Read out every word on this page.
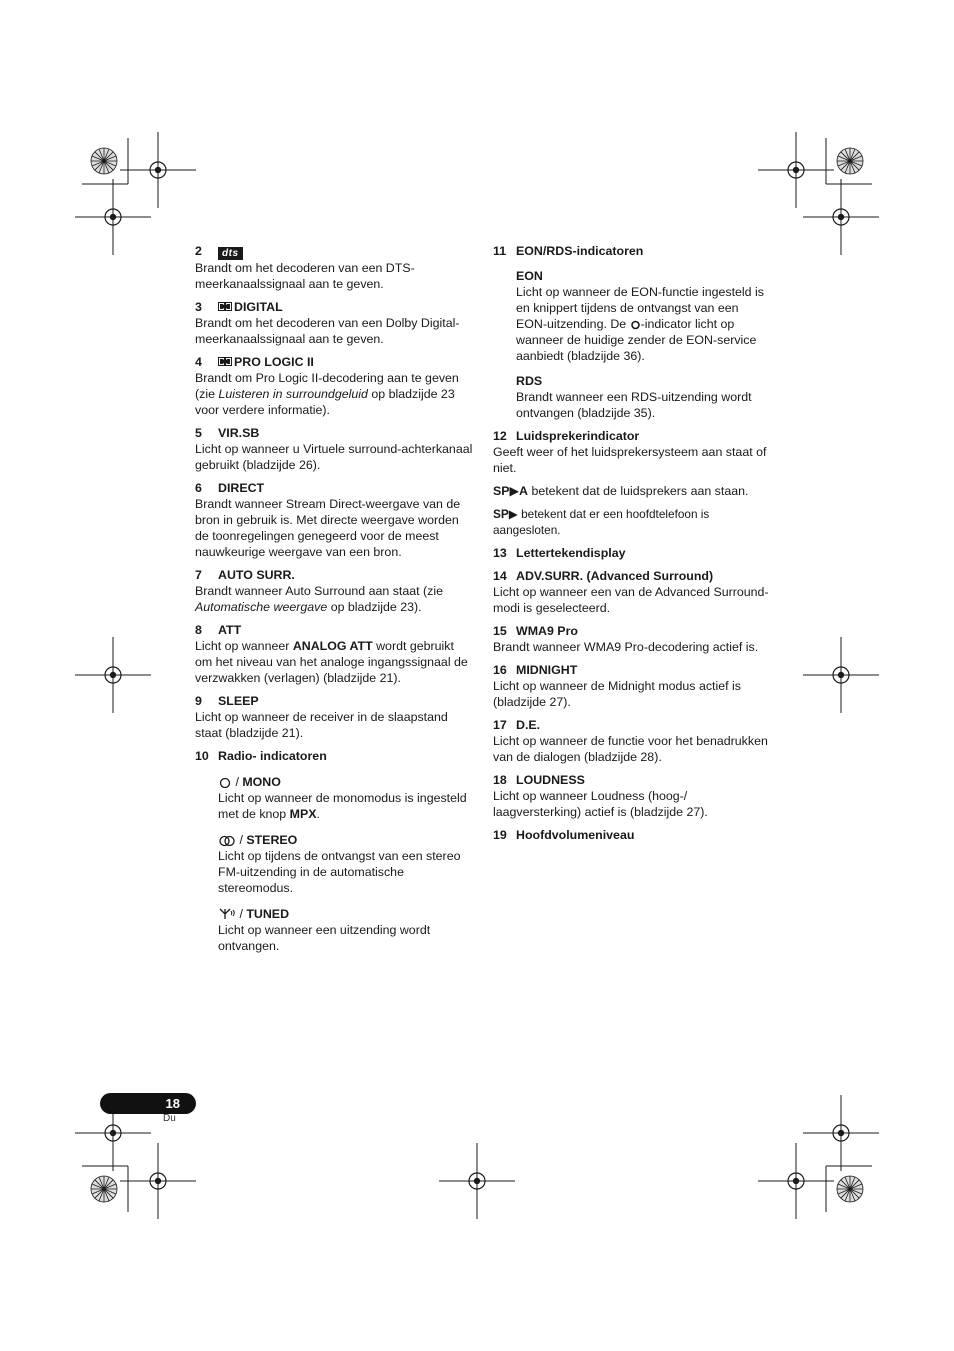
2 dts
Brandt om het decoderen van een DTS-meerkanaalssignaal aan te geven.
3	DIGITAL
Brandt om het decoderen van een Dolby Digital-meerkanaalssignaal aan te geven.
4	PRO LOGIC II
Brandt om Pro Logic II-decodering aan te geven (zie Luisteren in surroundgeluid op bladzijde 23 voor verdere informatie).
5 VIR.SB
Licht op wanneer u Virtuele surround-achterkanaal gebruikt (bladzijde 26).
6 DIRECT
Brandt wanneer Stream Direct-weergave van de bron in gebruik is. Met directe weergave worden de toonregelingen genegeerd voor de meest nauwkeurige weergave van een bron.
7 AUTO SURR.
Brandt wanneer Auto Surround aan staat (zie Automatische weergave op bladzijde 23).
8 ATT
Licht op wanneer ANALOG ATT wordt gebruikt om het niveau van het analoge ingangssignaal de verzwakken (verlagen) (bladzijde 21).
9 SLEEP
Licht op wanneer de receiver in de slaapstand staat (bladzijde 21).
10 Radio- indicatoren
/ MONO
Licht op wanneer de monomodus is ingesteld met de knop MPX.
/ STEREO
Licht op tijdens de ontvangst van een stereo FM-uitzending in de automatische stereomodus.
/ TUNED
Licht op wanneer een uitzending wordt ontvangen.
11 EON/RDS-indicatoren
EON
Licht op wanneer de EON-functie ingesteld is en knippert tijdens de ontvangst van een EON-uitzending. De -indicator licht op wanneer de huidige zender de EON-service aanbiedt (bladzijde 36).
RDS
Brandt wanneer een RDS-uitzending wordt ontvangen (bladzijde 35).
12 Luidsprekerindicator
Geeft weer of het luidsprekersysteem aan staat of niet.
SP▶A betekent dat de luidsprekers aan staan.
SP▶ betekent dat er een hoofdtelefoon is aangesloten.
13 Lettertekendisplay
14 ADV.SURR. (Advanced Surround)
Licht op wanneer een van de Advanced Surround-modi is geselecteerd.
15 WMA9 Pro
Brandt wanneer WMA9 Pro-decodering actief is.
16 MIDNIGHT
Licht op wanneer de Midnight modus actief is (bladzijde 27).
17 D.E.
Licht op wanneer de functie voor het benadrukken van de dialogen (bladzijde 28).
18 LOUDNESS
Licht op wanneer Loudness (hoog-/ laagversterking) actief is (bladzijde 27).
19 Hoofdvolumeniveau
18
Du
